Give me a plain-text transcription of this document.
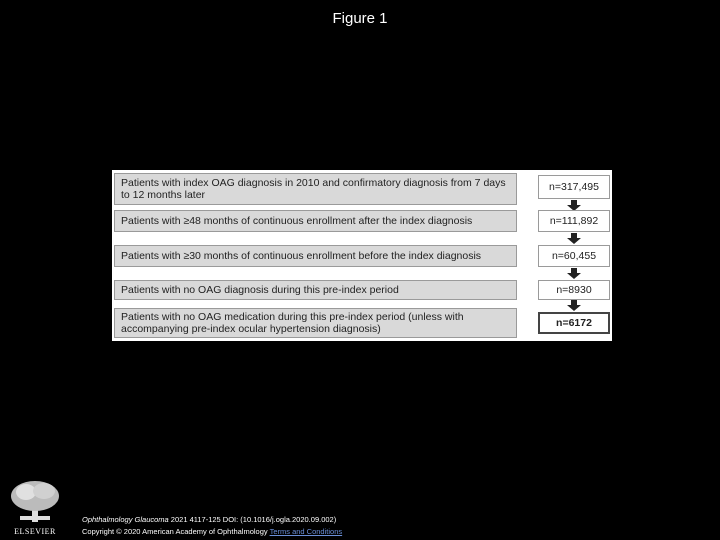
Figure 1
Patients with index OAG diagnosis in 2010 and confirmatory diagnosis from 7 days to 12 months later
n=317,495
Patients with ≥48 months of continuous enrollment after the index diagnosis	n=111,892
Patients with ≥30 months of continuous enrollment before the index diagnosis	n=60,455
Patients with no OAG diagnosis during this pre-index period	n=8930
Patients with no OAG medication during this pre-index period (unless with accompanying pre-index ocular hypertension diagnosis)	n=6172
ELSEVIER
Ophthalmology Glaucoma 2021 4117-125 DOI: (10.1016/j.ogla.2020.09.002)
Copyright © 2020 American Academy of Ophthalmology Terms and Conditions
